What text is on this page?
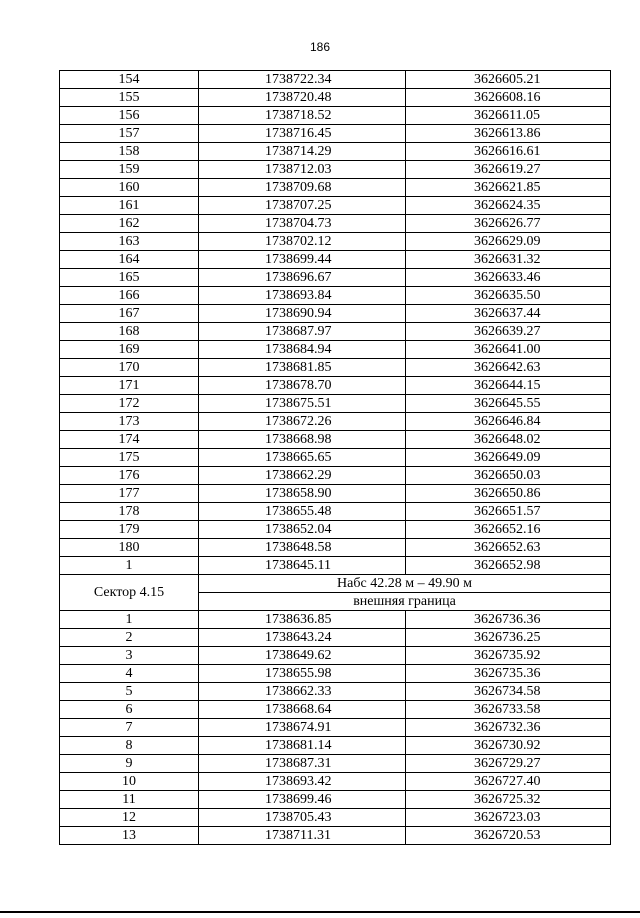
186
154	1738722.34	3626605.21
155	1738720.48	3626608.16
156	1738718.52	3626611.05
157	1738716.45	3626613.86
158	1738714.29	3626616.61
159	1738712.03	3626619.27
160	1738709.68	3626621.85
161	1738707.25	3626624.35
162	1738704.73	3626626.77
163	1738702.12	3626629.09
164	1738699.44	3626631.32
165	1738696.67	3626633.46
166	1738693.84	3626635.50
167	1738690.94	3626637.44
168	1738687.97	3626639.27
169	1738684.94	3626641.00
170	1738681.85	3626642.63
171	1738678.70	3626644.15
172	1738675.51	3626645.55
173	1738672.26	3626646.84
174	1738668.98	3626648.02
175	1738665.65	3626649.09
176	1738662.29	3626650.03
177	1738658.90	3626650.86
178	1738655.48	3626651.57
179	1738652.04	3626652.16
180	1738648.58	3626652.63
1	1738645.11	3626652.98
Сектор 4.15	Набс 42.28 м – 49.90 м	
	внешняя граница	
1	1738636.85	3626736.36
2	1738643.24	3626736.25
3	1738649.62	3626735.92
4	1738655.98	3626735.36
5	1738662.33	3626734.58
6	1738668.64	3626733.58
7	1738674.91	3626732.36
8	1738681.14	3626730.92
9	1738687.31	3626729.27
10	1738693.42	3626727.40
11	1738699.46	3626725.32
12	1738705.43	3626723.03
13	1738711.31	3626720.53
